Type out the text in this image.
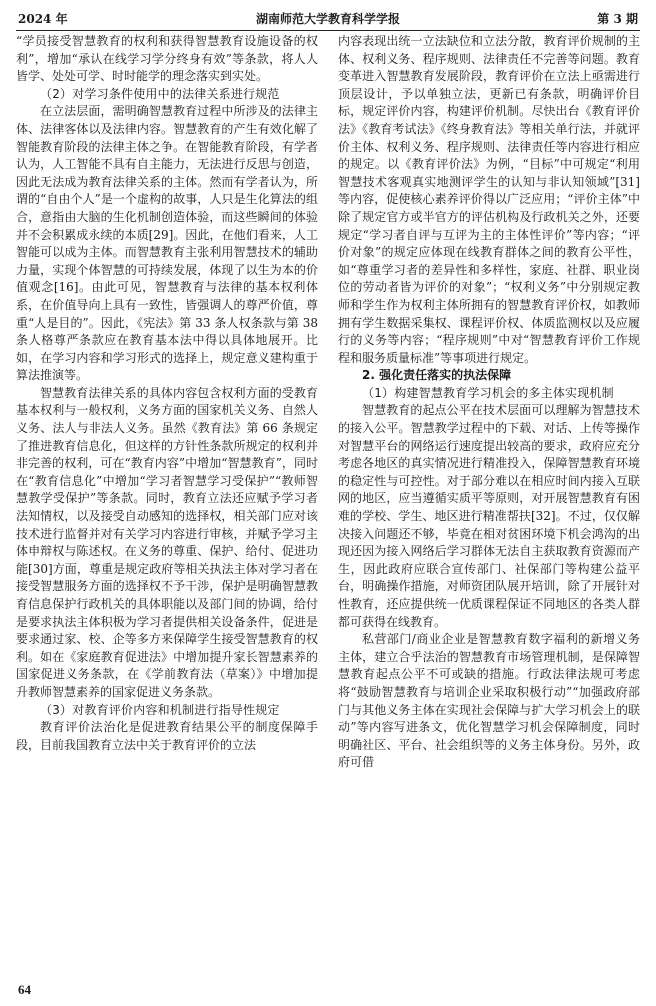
2024 年	湖南师范大学教育科学学报	第 3 期

“学员接受智慧教育的权利和获得智慧教育设施设备的权利”，增加“承认在线学习学分终身有效”等条款，将人人皆学、处处可学、时时能学的理念落实到实处。

（2）对学习条件使用中的法律关系进行规范

在立法层面，需明确智慧教育过程中所涉及的法律主体、法律客体以及法律内容。智慧教育的产生有效化解了智能教育阶段的法律主体之争。在智能教育阶段，有学者认为，人工智能不具有自主能力，无法进行反思与创造，因此无法成为教育法律关系的主体。然而有学者认为，所谓的“自由个人”是一个虚构的故事，人只是生化算法的组合，意指由大脑的生化机制创造体验，而这些瞬间的体验并不会积累成永续的本质[29]。因此，在他们看来，人工智能可以成为主体。而智慧教育主张利用智慧技术的辅助力量，实现个体智慧的可持续发展，体现了以生为本的价值观念[16]。由此可见，智慧教育与法律的基本权利体系，在价值导向上具有一致性，皆强调人的尊严价值，尊重“人是目的”。因此，《宪法》第 33 条人权条款与第 38 条人格尊严条款应在教育基本法中得以具体地展开。比如，在学习内容和学习形式的选择上，规定意义建构重于算法推演等。

智慧教育法律关系的具体内容包含权利方面的受教育基本权利与一般权利，义务方面的国家机关义务、自然人义务、法人与非法人义务。虽然《教育法》第 66 条规定了推进教育信息化，但这样的方针性条款所规定的权利并非完善的权利，可在“教育内容”中增加“智慧教育”，同时在“教育信息化”中增加“学习者智慧学习受保护”“教师智慧教学受保护”等条款。同时，教育立法还应赋予学习者法知情权，以及接受自动感知的选择权，相关部门应对该技术进行监督并对有关学习内容进行审核，并赋予学习主体申辩权与陈述权。在义务的尊重、保护、给付、促进功能[30]方面，尊重是规定政府等相关执法主体对学习者在接受智慧服务方面的选择权不予干涉，保护是明确智慧教育信息保护行政机关的具体职能以及部门间的协调，给付是要求执法主体积极为学习者提供相关设备条件，促进是要求通过家、校、企等多方来保障学生接受智慧教育的权利。如在《家庭教育促进法》中增加提升家长智慧素养的国家促进义务条款，在《学前教育法（草案）》中增加提升教师智慧素养的国家促进义务条款。

（3）对教育评价内容和机制进行指导性规定

教育评价法治化是促进教育结果公平的制度保障手段，目前我国教育立法中关于教育评价的立法

内容表现出统一立法缺位和立法分散，教育评价规制的主体、权利义务、程序规则、法律责任不完善等问题。教育变革进入智慧教育发展阶段，教育评价在立法上亟需进行顶层设计，予以单独立法，更新已有条款，明确评价目标，规定评价内容，构建评价机制。尽快出台《教育评价法》《教育考试法》《终身教育法》等相关单行法，并就评价主体、权利义务、程序规则、法律责任等内容进行相应的规定。以《教育评价法》为例，“目标”中可规定“利用智慧技术客观真实地测评学生的认知与非认知领域”[31]等内容，促使核心素养评价得以广泛应用；“评价主体”中除了规定官方或半官方的评估机构及行政机关之外，还要规定“学习者自评与互评为主的主体性评价”等内容；“评价对象”的规定应体现在线教育群体之间的教育公平性，如“尊重学习者的差异性和多样性，家庭、社群、职业岗位的劳动者皆为评价的对象”；“权利义务”中分别规定教师和学生作为权利主体所拥有的智慧教育评价权，如教师拥有学生数据采集权、课程评价权、体质监测权以及应履行的义务等内容；“程序规则”中对“智慧教育评价工作规程和服务质量标准”等事项进行规定。

2. 强化责任落实的执法保障
（1）构建智慧教育学习机会的多主体实现机制

智慧教育的起点公平在技术层面可以理解为智慧技术的接入公平。智慧教学过程中的下载、对话、上传等操作对智慧平台的网络运行速度提出较高的要求，政府应充分考虑各地区的真实情况进行精准投入，保障智慧教育环境的稳定性与可控性。对于部分难以在相应时间内接入互联网的地区，应当遵循实质平等原则，对开展智慧教育有困难的学校、学生、地区进行精准帮扶[32]。不过，仅仅解决接入问题还不够，毕竟在相对贫困环境下机会鸿沟的出现还因为接入网络后学习群体无法自主获取教育资源而产生，因此政府应联合宣传部门、社保部门等构建公益平台，明确操作措施，对师资团队展开培训，除了开展针对性教育，还应提供统一优质课程保证不同地区的各类人群都可获得在线教育。

私营部门/商业企业是智慧教育数字福利的新增义务主体，建立合乎法治的智慧教育市场管理机制，是保障智慧教育起点公平不可或缺的措施。行政法律法规可考虑将“鼓励智慧教育与培训企业采取积极行动”“加强政府部门与其他义务主体在实现社会保障与扩大学习机会上的联动”等内容写进条文，优化智慧学习机会保障制度，同时明确社区、平台、社会组织等的义务主体身份。另外，政府可借

64
